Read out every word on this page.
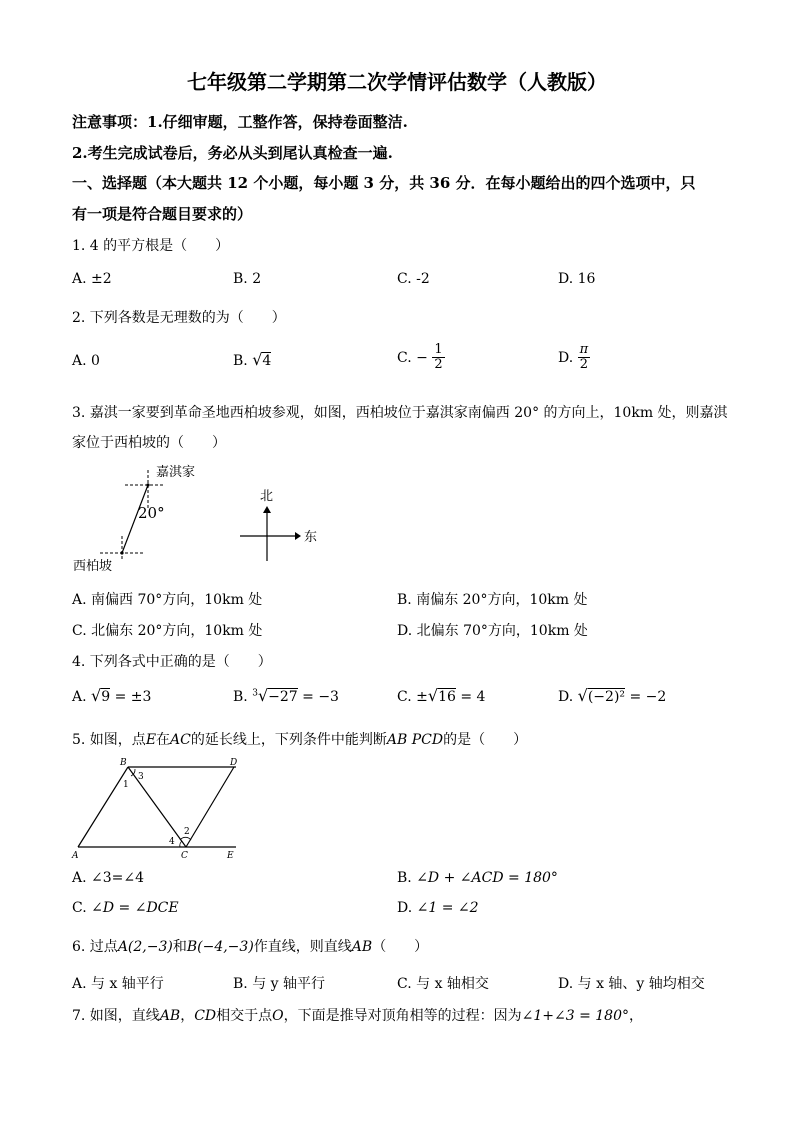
七年级第二学期第二次学情评估数学（人教版）
注意事项：1.仔细审题，工整作答，保持卷面整洁.
2.考生完成试卷后，务必从头到尾认真检查一遍.
一、选择题（本大题共 12 个小题，每小题 3 分，共 36 分．在每小题给出的四个选项中，只
有一项是符合题目要求的）
1. 4 的平方根是（　　）
A. ±2	B. 2	C. -2	D. 16
2. 下列各数是无理数的为（　　）
A. 0	B. √4	C. − $\frac{1}{2}$	D. $\frac{\pi}{2}$
3. 嘉淇一家要到革命圣地西柏坡参观，如图，西柏坡位于嘉淇家南偏西 20° 的方向上，10km 处，则嘉淇
家位于西柏坡的（　　）
嘉淇家
20°
西柏坡
北
东
A. 南偏西 70°方向，10km 处	B. 南偏东 20°方向，10km 处
C. 北偏东 20°方向，10km 处	D. 北偏东 70°方向，10km 处
4. 下列各式中正确的是（　　）
A. √9 = ±3	B. $^3$√−27 = −3	C. ±√16 = 4	D. √(−2)² = −2
5. 如图，点E在AC的延长线上，下列条件中能判断AB PCD的是（　　）
B	D
A	C	E
1
3
2
4
A. ∠3=∠4	B. ∠D + ∠ACD = 180°
C. ∠D = ∠DCE	D. ∠1 = ∠2
6. 过点A(2,−3)和B(−4,−3)作直线，则直线AB（　　）
A. 与 x 轴平行	B. 与 y 轴平行	C. 与 x 轴相交	D. 与 x 轴、y 轴均相交
7. 如图，直线AB，CD相交于点O，下面是推导对顶角相等的过程：因为∠1+∠3 = 180°，
